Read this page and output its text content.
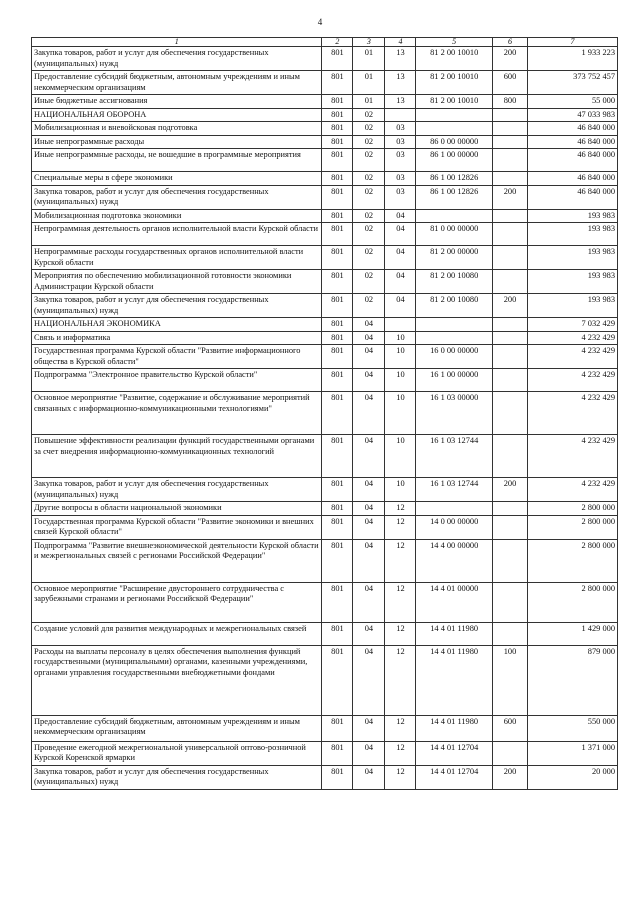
4
1	2	3	4	5	6	7
Закупка товаров, работ и услуг для обеспечения государственных (муниципальных) нужд	801	01	13	81 2 00 10010	200	1 933 223
Предоставление субсидий бюджетным, автономным учреждениям и иным некоммерческим организациям	801	01	13	81 2 00 10010	600	373 752 457
Иные бюджетные ассигнования	801	01	13	81 2 00 10010	800	55 000
НАЦИОНАЛЬНАЯ ОБОРОНА	801	02				47 033 983
Мобилизационная и вневойсковая подготовка	801	02	03			46 840 000
Иные непрограммные расходы	801	02	03	86 0 00 00000		46 840 000
Иные непрограммные расходы, не вошедшие в программные мероприятия	801	02	03	86 1 00 00000		46 840 000
Специальные меры в сфере экономики	801	02	03	86 1 00 12826		46 840 000
Закупка товаров, работ и услуг для обеспечения государственных (муниципальных) нужд	801	02	03	86 1 00 12826	200	46 840 000
Мобилизационная подготовка экономики	801	02	04			193 983
Непрограммная деятельность органов исполнительной власти Курской области	801	02	04	81 0 00 00000		193 983
Непрограммные расходы государственных органов исполнительной власти Курской области	801	02	04	81 2 00 00000		193 983
Мероприятия по обеспечению мобилизационной готовности экономики Администрации Курской области	801	02	04	81 2 00 10080		193 983
Закупка товаров, работ и услуг для обеспечения государственных (муниципальных) нужд	801	02	04	81 2 00 10080	200	193 983
НАЦИОНАЛЬНАЯ ЭКОНОМИКА	801	04				7 032 429
Связь и информатика	801	04	10			4 232 429
Государственная программа Курской области "Развитие информационного общества в Курской области"	801	04	10	16 0 00 00000		4 232 429
Подпрограмма "Электронное правительство Курской области"	801	04	10	16 1 00 00000		4 232 429
Основное мероприятие "Развитие, содержание и обслуживание мероприятий связанных с информационно-коммуникационными технологиями"	801	04	10	16 1 03 00000		4 232 429
Повышение эффективности реализации функций государственными органами за счет внедрения информационно-коммуникационных технологий	801	04	10	16 1 03 12744		4 232 429
Закупка товаров, работ и услуг для обеспечения государственных (муниципальных) нужд	801	04	10	16 1 03 12744	200	4 232 429
Другие вопросы в области национальной экономики	801	04	12			2 800 000
Государственная программа Курской области "Развитие экономики и внешних связей Курской области"	801	04	12	14 0 00 00000		2 800 000
Подпрограмма "Развитие внешнеэкономической деятельности Курской области и межрегиональных связей с регионами Российской Федерации"	801	04	12	14 4 00 00000		2 800 000
Основное мероприятие "Расширение двустороннего сотрудничества с зарубежными странами и регионами Российской Федерации"	801	04	12	14 4 01 00000		2 800 000
Создание условий для развития международных и межрегиональных связей	801	04	12	14 4 01 11980		1 429 000
Расходы на выплаты персоналу в целях обеспечения выполнения функций государственными (муниципальными) органами, казенными учреждениями, органами управления государственными внебюджетными фондами	801	04	12	14 4 01 11980	100	879 000
Предоставление субсидий бюджетным, автономным учреждениям и иным некоммерческим организациям	801	04	12	14 4 01 11980	600	550 000
Проведение ежегодной межрегиональной универсальной оптово-розничной Курской Коренской ярмарки	801	04	12	14 4 01 12704		1 371 000
Закупка товаров, работ и услуг для обеспечения государственных (муниципальных) нужд	801	04	12	14 4 01 12704	200	20 000
